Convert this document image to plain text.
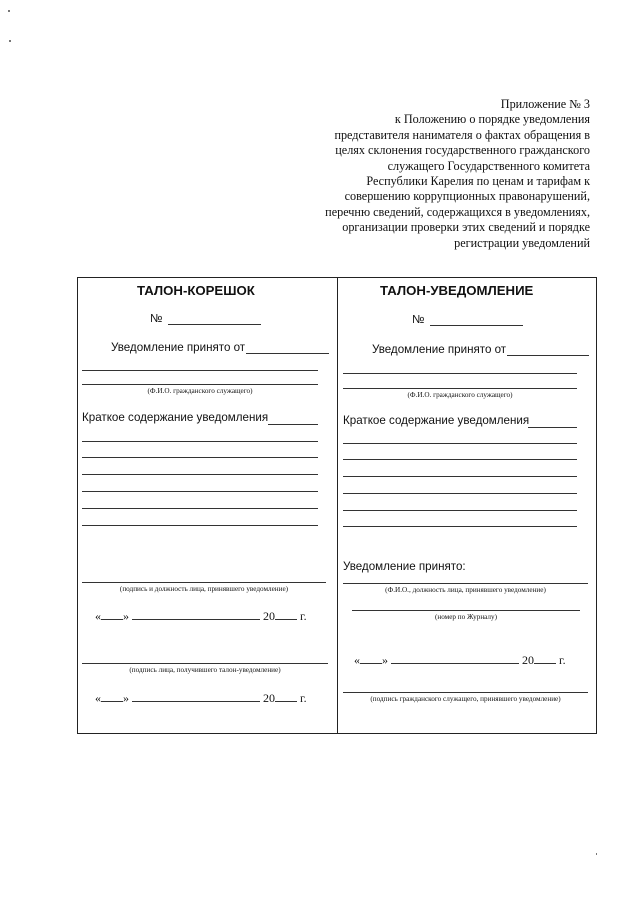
Приложение № 3
к Положению о порядке уведомления
представителя нанимателя о фактах обращения в
целях склонения государственного гражданского
служащего Государственного комитета
Республики Карелия по ценам и тарифам к
совершению коррупционных правонарушений,
перечню сведений, содержащихся в уведомлениях,
организации проверки этих сведений и порядке
регистрации уведомлений
ТАЛОН-КОРЕШОК
№
Уведомление принято от
(Ф.И.О. гражданского служащего)
Краткое содержание уведомления
(подпись и должность лица, принявшего уведомление)
« »	20 г.
(подпись лица, получившего талон-уведомление)
« »	20 г.
ТАЛОН-УВЕДОМЛЕНИЕ
№
Уведомление принято от
(Ф.И.О. гражданского служащего)
Краткое содержание уведомления
Уведомление принято:
(Ф.И.О., должность лица, принявшего уведомление)
(номер по Журналу)
« »	20 г.
(подпись гражданского служащего, принявшего уведомление)
